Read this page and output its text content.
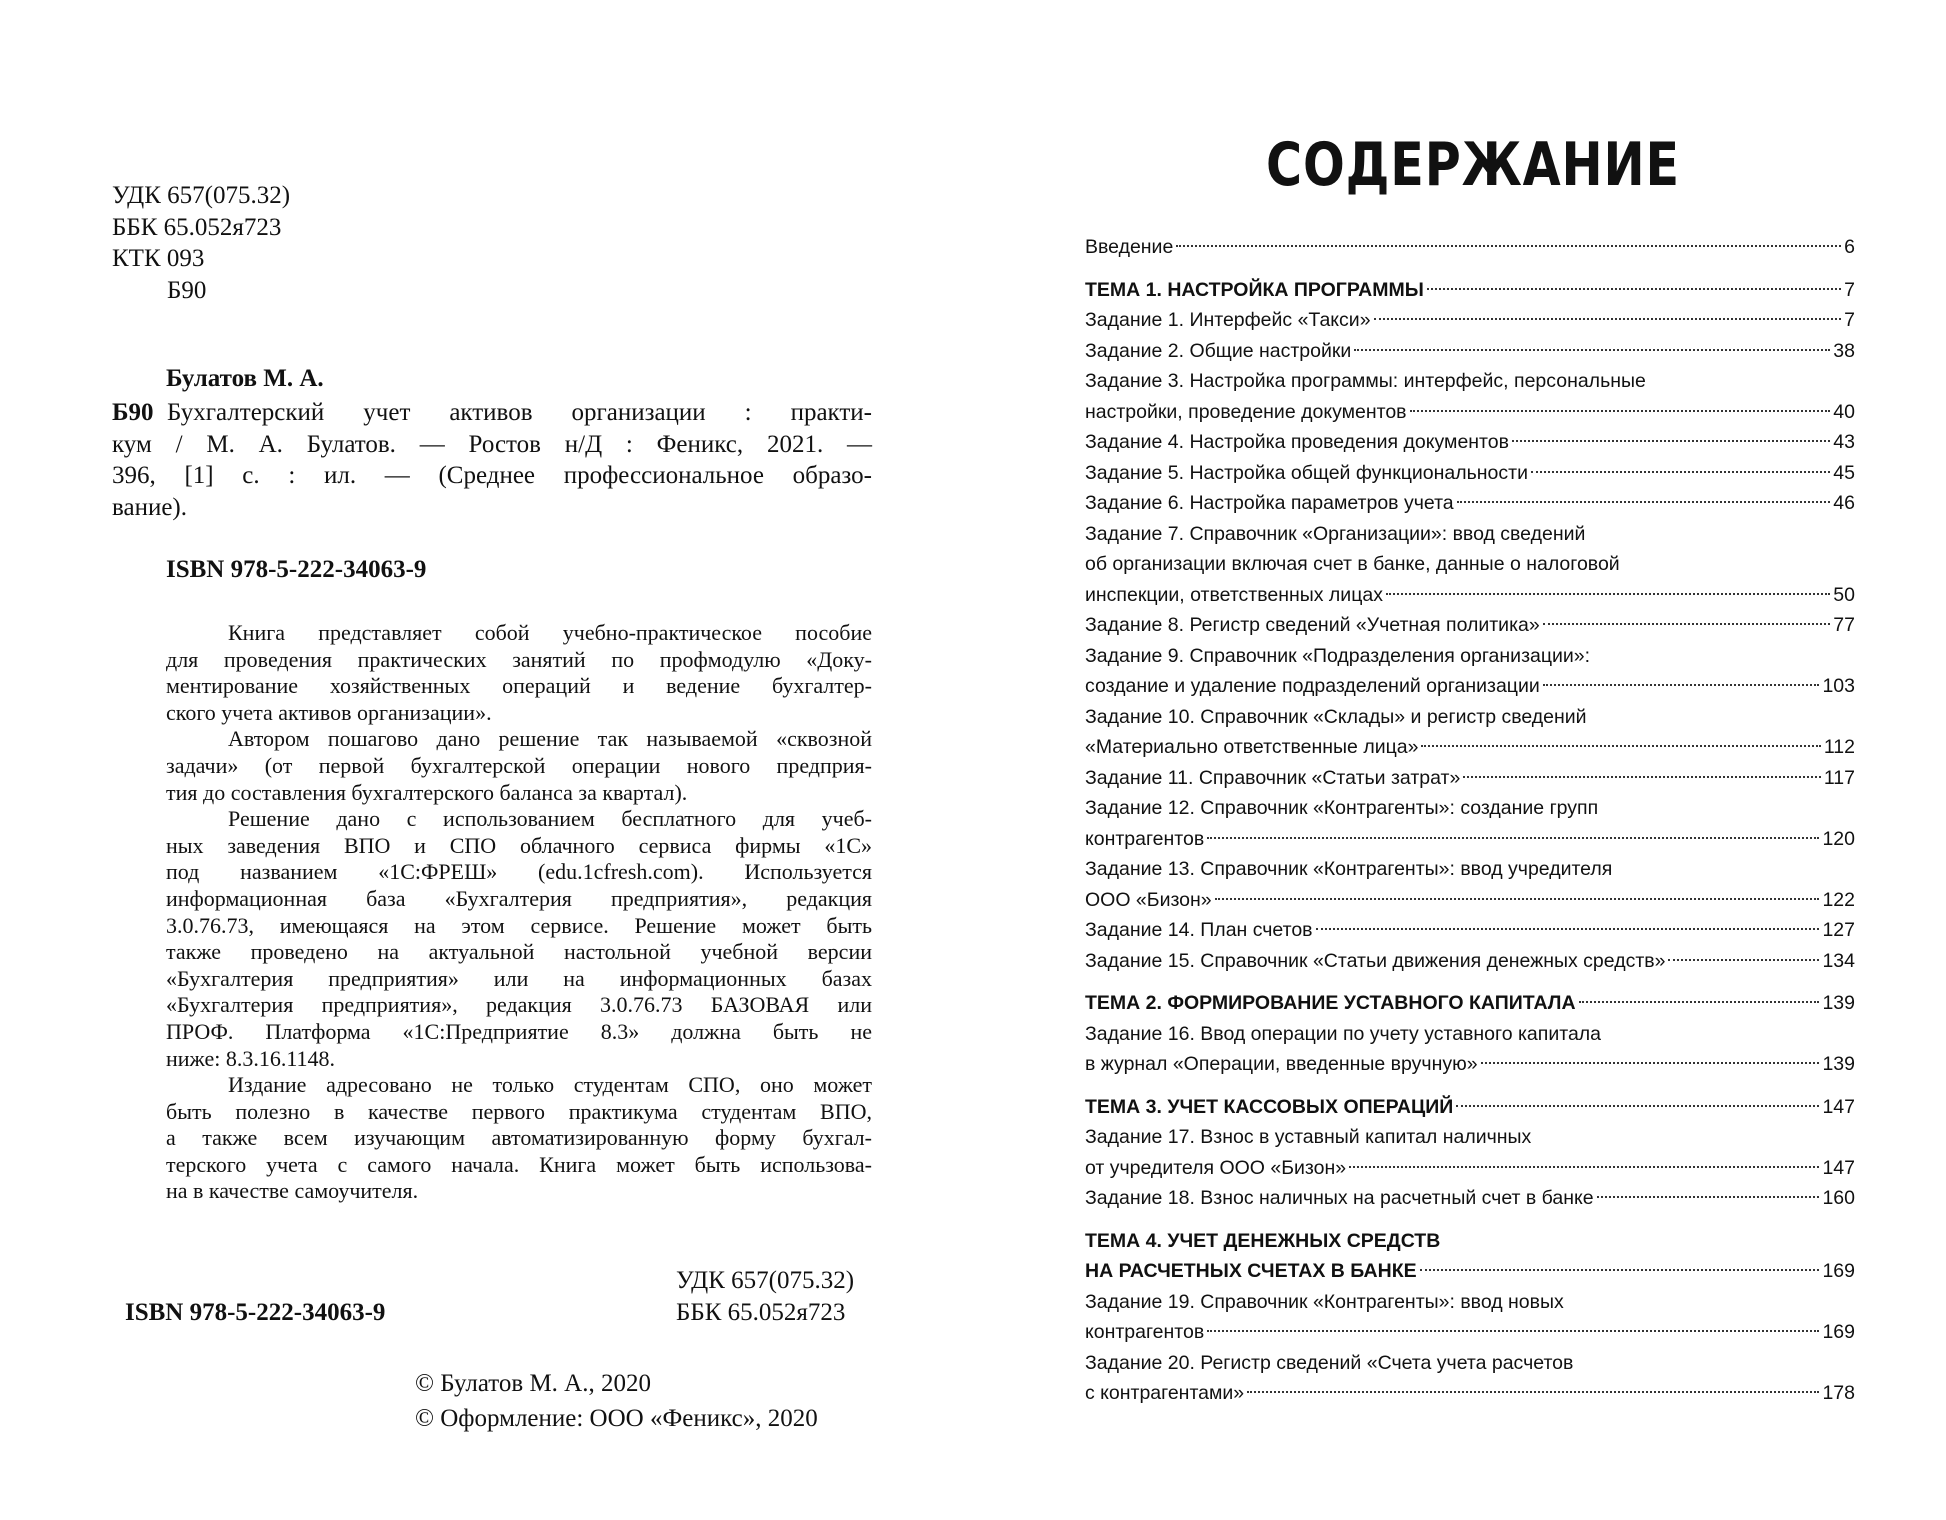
УДК 657(075.32)
ББК 65.052я723
КТК 093
Б90
Булатов М. А.
Б90 Бухгалтерский учет активов организации : практи-
кум / М. А. Булатов. — Ростов н/Д : Феникс, 2021. —
396, [1] с. : ил. — (Среднее профессиональное образо-
вание).
ISBN 978-5-222-34063-9
Книга представляет собой учебно-практическое пособие
для проведения практических занятий по профмодулю «Доку-
ментирование хозяйственных операций и ведение бухгалтер-
ского учета активов организации».
Автором пошагово дано решение так называемой «сквозной
задачи» (от первой бухгалтерской операции нового предприя-
тия до составления бухгалтерского баланса за квартал).
Решение дано с использованием бесплатного для учеб-
ных заведения ВПО и СПО облачного сервиса фирмы «1С»
под названием «1С:ФРЕШ» (edu.1cfresh.com). Используется
информационная база «Бухгалтерия предприятия», редакция
3.0.76.73, имеющаяся на этом сервисе. Решение может быть
также проведено на актуальной настольной учебной версии
«Бухгалтерия предприятия» или на информационных базах
«Бухгалтерия предприятия», редакция 3.0.76.73 БАЗОВАЯ или
ПРОФ. Платформа «1С:Предприятие 8.3» должна быть не
ниже: 8.3.16.1148.
Издание адресовано не только студентам СПО, оно может
быть полезно в качестве первого практикума студентам ВПО,
а также всем изучающим автоматизированную форму бухгал-
терского учета с самого начала. Книга может быть использова-
на в качестве самоучителя.
ISBN 978-5-222-34063-9
УДК 657(075.32)
ББК 65.052я723
© Булатов М. А., 2020
© Оформление: ООО «Феникс», 2020
СОДЕРЖАНИЕ
Введение	6
ТЕМА 1. НАСТРОЙКА ПРОГРАММЫ	7
Задание 1. Интерфейс «Такси»	7
Задание 2. Общие настройки	38
Задание 3. Настройка программы: интерфейс, персональные
настройки, проведение документов	40
Задание 4. Настройка проведения документов	43
Задание 5. Настройка общей функциональности	45
Задание 6. Настройка параметров учета	46
Задание 7. Справочник «Организации»: ввод сведений
об организации включая счет в банке, данные о налоговой
инспекции, ответственных лицах	50
Задание 8. Регистр сведений «Учетная политика»	77
Задание 9. Справочник «Подразделения организации»:
создание и удаление подразделений организации	103
Задание 10. Справочник «Склады» и регистр сведений
«Материально ответственные лица»	112
Задание 11. Справочник «Статьи затрат»	117
Задание 12. Справочник «Контрагенты»: создание групп
контрагентов	120
Задание 13. Справочник «Контрагенты»: ввод учредителя
ООО «Бизон»	122
Задание 14. План счетов	127
Задание 15. Справочник «Статьи движения денежных средств»	134
ТЕМА 2. ФОРМИРОВАНИЕ УСТАВНОГО КАПИТАЛА	139
Задание 16. Ввод операции по учету уставного капитала
в журнал «Операции, введенные вручную»	139
ТЕМА 3. УЧЕТ КАССОВЫХ ОПЕРАЦИЙ	147
Задание 17. Взнос в уставный капитал наличных
от учредителя ООО «Бизон»	147
Задание 18. Взнос наличных на расчетный счет в банке	160
ТЕМА 4. УЧЕТ ДЕНЕЖНЫХ СРЕДСТВ
НА РАСЧЕТНЫХ СЧЕТАХ В БАНКЕ	169
Задание 19. Справочник «Контрагенты»: ввод новых
контрагентов	169
Задание 20. Регистр сведений «Счета учета расчетов
с контрагентами»	178
